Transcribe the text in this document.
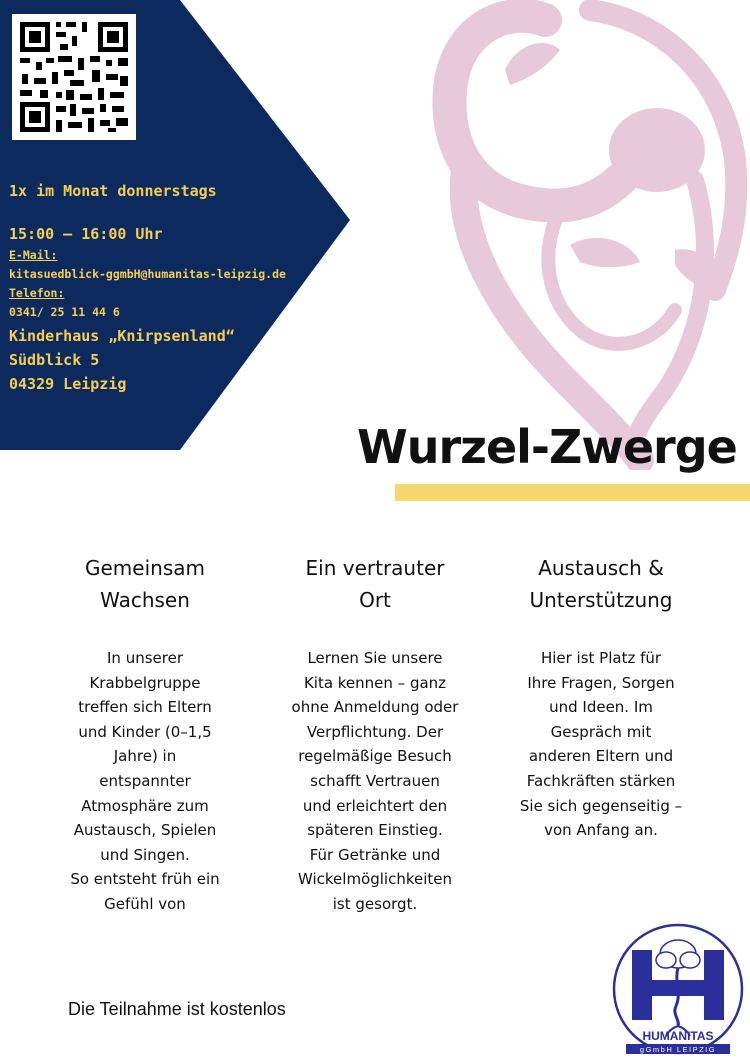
1x im Monat donnerstags
15:00 – 16:00 Uhr
E-Mail:
kitasuedblick-ggmbH@humanitas-leipzig.de
Telefon:
0341/ 25 11 44 6
Kinderhaus „Knirpsenland“
Südblick 5
04329 Leipzig
Wurzel-Zwerge
Gemeinsam
Wachsen

In unserer
Krabbelgruppe
treffen sich Eltern
und Kinder (0–1,5
Jahre) in
entspannter
Atmosphäre zum
Austausch, Spielen
und Singen.
So entsteht früh ein
Gefühl von

Ein vertrauter
Ort

Lernen Sie unsere
Kita kennen – ganz
ohne Anmeldung oder
Verpflichtung. Der
regelmäßige Besuch
schafft Vertrauen
und erleichtert den
späteren Einstieg.
Für Getränke und
Wickelmöglichkeiten
ist gesorgt.

Austausch &
Unterstützung

Hier ist Platz für
Ihre Fragen, Sorgen
und Ideen. Im
Gespräch mit
anderen Eltern und
Fachkräften stärken
Sie sich gegenseitig –
von Anfang an.

Die Teilnahme ist kostenlos
HUMANITAS
gGmbH LEIPZIG
